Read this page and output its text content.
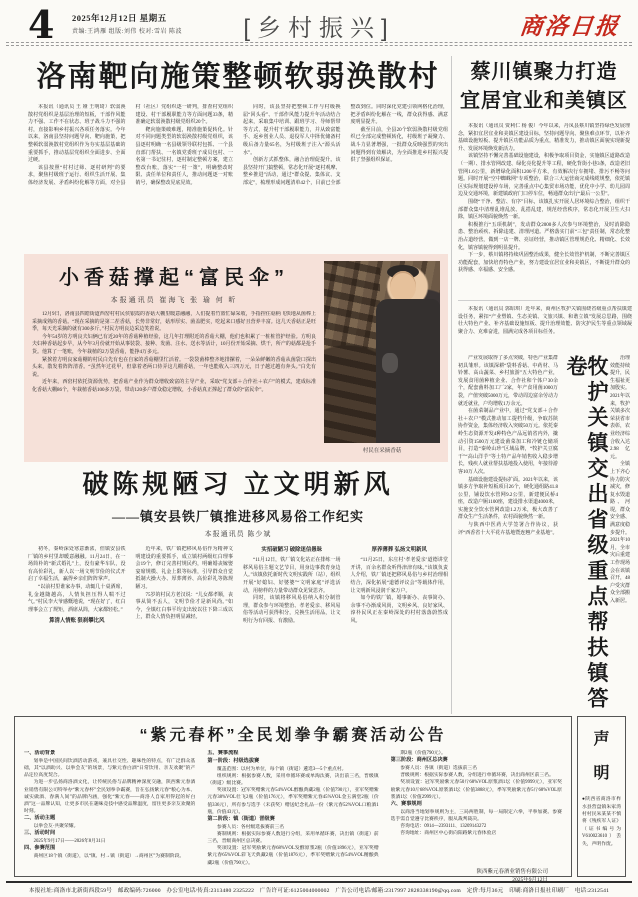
4 2025年12月12日 星期五
责编:王鸿雁 组版:刘伟 校对:雪岩 陈波	[乡村振兴]	商洛日报
洛南靶向施策整顿软弱涣散村
本报讯（通讯员 王 娅 王明琦）软弱涣散村党组织是基层治理的短板，干部作风能力不强、工作不在状态、班子战斗力不强的村，直接影响乡村振兴各项任务落实。今年以来，洛南县坚持问题导向、靶向施策，把整顿软弱涣散村党组织作为夯实基层基础的重要抓手，推动基层党组织全面进步、全面过硬。
该县按照“村村过筛、逐村研判”的要求，聚焦村级班子运行、组织生活开展、集体经济发展、矛盾纠纷化解等方面，对全县村（社区）党组织逐一研判，排查村党组织建设、村干部履职能力等方面问题33条，精准确定软弱涣散村级党组织20个。
靶向施策破难题，精准施策促转化。针对不同问题类型的软弱涣散村级党组织，该县逐村明确一名县级领导联村包抓、一个县直部门帮扶、一名镇党委班子成员包村、一名第一书记驻村，逐村制定整顿方案，建立整改台账，落实“一村一策”，明确整改时限、责任单位和责任人，推动问题逐一对账销号，确保整改见底见效。
同时，该县坚持把整顿工作与村级换届“回头看”、干部作风能力提升年活动结合起来，采取集中培训、跟班学习、导师帮带等方式，提升村干部履职能力，并从致富能手、返乡创业人员、退役军人中择优储备村级后备力量65名，为村级班子注入“源头活水”。
创新方式抓整体，融合治理促提升。该县坚持开门搞整顿，常态化开展“逐村观摩、整乡推进”活动，通过“群众提、集体议、支部定”，梳理形成问题清单42个，目前已全部整改到位。同时深化党建引领网格化治理，把矛盾纠纷化解在一线，群众获得感、满意度明显提升。
截至目前，全县20个软弱涣散村级党组织已全部完成整顿转化，村级班子凝聚力、战斗力显著增强，一批群众反映强烈的突出问题得到有效解决，为全面推进乡村振兴提供了坚强组织保证。
蔡川镇聚力打造 宜居宜业和美镇区
本报讯（通讯员 贾利仁 杨 俊）今年以来，丹凤县蔡川镇坚持绿色发展理念，紧扣宜居宜业和美镇区建设目标，坚持问题导向、聚焦难点环节，以补齐基础设施短板、提升镇区功能品质为重点，精准发力，推动镇区面貌实现新提升、发展环境焕发新活力。
该镇坚持不懈完善基础设施建设，积极争取项目资金，实施镇区道路改造（一期）、排水管网改建、绿化亮化提升等工程，硬化背街小巷3条，改造老旧管网1.6公里，新增绿化面积1200平方米，有效解决行车拥堵、排污不畅等问题。同时开展“空中蜘蛛网”专项整治，联合三大运营商完成线缆规整，依托镇区实际规划建设停车场，完善重点中心集贸市场功能，优化中小学、幼儿园周边及交通环境，新建镇政府门口停车位，畅通群众出行“最后一公里”。
围绕“干净、整洁、有序”目标，该镇扎实开展人居环境综合整治，组织干部群众集中清理乱堆乱放、乱搭乱建，规范经营秩序，常态化开展卫生大扫除，镇区环境面貌焕然一新。
积极推行“五项机制”，发动群众2000多人次参与环境整治，及时消除隐患、整治顽疾、拆除违建、清理河道。严格落实门前“三包”责任制，常态化整治占道经营，做到一店一牌、亮证经营，推动镇区管理规范化、精细化、长效化，镇容镇貌得到明显提升。
下一步，蔡川镇将持续巩固整治成果，健全长效管护机制，不断完善镇区功能配套，加快培育特色产业，努力建设宜居宜业和美镇区，不断提升群众的获得感、幸福感、安全感。
本报讯（通讯员 郭昭琪）近年来，商州区牧护关镇围绕省级重点帮扶镇建设任务，紧扣“产业塑镇、生态美镇、文旅兴镇、和谐立镇”发展总思路，围绕壮大特色产业、补齐基础设施短板、提升治理效能、防灾护民生等重点领域凝聚合力、克难奋进，圆满完成各项目标任务。
产业发展取得了多点突破，特色产业集群初具雏形。该镇深耕“袋料香菇、中药材、马铃薯、高山蔬菜、乡村旅游”五大特色产业，发展食用菌种植企业、合作社和个体户30余个，配套菌料加工厂2家，年产食用菌1000万袋，产值突破5000万元，带动周边富余劳动力就近就业，户均增收1万余元。
在菌菜制品产业中，通过“党支部＋合作社＋农户”模式推动加工提档升级，争取苏陕协作资金，集体经济收入突破50万元。依托秦岭生态资源开发4种特色产品远销省内外，撬动引资1500万元建设菌菜加工和冷链仓储项目，打造“秦岭山珍”区域品牌，“牧护关豆腐干”“高山洋芋”等土特产品年销售收入稳步增长，残疾人就业帮扶基地投入使用，年接待游客10万人次。
基础设施建设提标扩面。2021年以来，该镇多方争取补短板项目26个，硬化通组路41.8公里，铺设饮水管网9.2公里，新建便民桥4座，改造户厕1100座，建设排水渠道4000米，实施安全饮水管网改造1.2万米，极大改善了群众生产生活条件，农村面貌焕然一新。
与陕西中医药大学签署合作协议，获评“西香省十大平花卉基地暨连翘产业基地”。	牧护关镇交出省级重点帮扶镇答卷	治理效能持续提升，民生福祉更加殷实。2021年以来，牧护关镇多次荣获省市表彰，农业经济综合收入达2.98亿元。
全镇上下齐心协力防灾减灾，修复水毁道路、河堤，群众安全感、满意度稳步提升。2021年10月，全市灾后重建工作现场会在该镇召开，48户受灾群众全部搬入新居。
小香菇撑起“富民伞”
本报通讯员 崔海飞 张 瑜 何 昕
12月9日，洛南县四皓街道西窑村村民侯银霞的香菇大棚里暖意融融，人们提着竹篮忙碌采收，手指捏住菇柄飞快地从菌棒上采摘成熟的香菇。“现在采摘的是第二茬香菇，长势非常好，菇形厚实、菌盖肥实，吃起来口感好且营养丰富。这几天香菇正是旺季，每天光采摘的就有300多斤。”村民方明良边采边笑着说。
今年54岁的方明良夫妇俩已有近20年的香菇种植经验，这几年打理附近的香菇大棚，他们也积累了一桩桩管护经验。方明良夫妇种香菇起步早，从今年3月份就开始从事装袋、接种、发菌、注水、送水等活计，10月份开始采摘、烘干，所产的菇都是抢手货。他算了一笔账，今年栽植的2万袋香菇，能挣4万多元。
紧挨着方明良家菇棚的村民白先有也在自家的香菇棚里忙活着。一袋袋菌棒整齐地排摞着，一朵朵鲜嫩的香菇从菌袋口探出头来，散发着阵阵清香。“虽然年过花甲，但靠着老两口侍弄这几棚香菇，一年也能收入三四万元，日子越过越有奔头。”白先有说。
近年来，西窑村依托资源优势，把香菇产业作为群众增收致富的主导产业，采取“党支部＋合作社＋农户”的模式，建成标准化香菇大棚86个，年栽植香菇100多万袋，带动120多户群众稳定增收，小香菇真正撑起了群众的“富民伞”。
村民在采摘香菇
破陈规陋习 立文明新风
——镇安县铁厂镇推进移风易俗工作纪实
本报通讯员 陈少斌
初冬，秦岭深处寒意渐浓，但镇安县铁厂镇的乡村里却暖意融融。11月24日，在一场简朴的“新式婚礼”上，没有豪华车队，没有高价彩礼，新人以一场文明节俭的仪式开启了幸福生活，赢得乡亲们阵阵掌声。
“以前村里谁家办事，动辄几十桌酒席，礼金越随越高，人情负担压得人喘不过气。”村民李大爷感慨地说，“现在好了，红白理事会立了规矩，酒席从简，大家都轻松。”
算清人情账 狠刹攀比风
近年来，铁厂镇把移风易俗作为精神文明建设的重要抓手，成立镇村两级红白理事会19个，修订完善村规民约，明确婚丧嫁娶宴席规模、礼金上限等标准，引导群众自觉抵制大操大办、厚葬薄养、高价彩礼等陈规陋习。
75岁的村民方老汉说：“儿女都孝顺，丧事从简不丢人，文明节俭才是新风尚。”如今，全镇红白事平均支出较以往下降三成以上，群众人情负担明显减轻。
实招破陋习 破除迷信愚昧
“11月12日，铁厂镇文化站正在排练一场移风易俗主题文艺节目，用身边事教育身边人。”该镇依托新时代文明实践所（站），组织开展“好媳妇、好婆婆”“文明家庭”评选活动，用榜样的力量带动群众见贤思齐。
同时，该镇将移风易俗纳入积分制管理，群众参与环境整治、孝老爱亲、移风易俗等活动可获得积分，兑换生活用品，让文明行为有回报、有激励。
厚养薄葬 弘扬文明新风
“11月25日，东庄村‘孝老爱亲’道德讲堂开讲，百余名群众听得津津有味。”该镇负责人介绍，铁厂镇还把移风易俗与乡村治理相结合，深化拓展“道德评议会”等载体作用，让文明新风浸润千家万户。
如今的铁厂镇，婚事新办、丧事简办、余事不办渐成风尚，文明乡风、良好家风、淳朴民风正在秦岭深处的村村落落蔚然成风。
“紫元春杯”全民划拳争霸赛活动公告
一、活动背景
划拳是中国民间饮酒活动游戏，兼具社交性、趣味性的特点，有广泛群众基础，其“以酒助兴、以拳会友”的场景，与紫元春白酒“日常饮用、亲友欢聚”的产品定位高度契合。
为进一步弘扬商洛酒文化，让传统民俗与品牌精神深度交融，陕西紫元春酒业销售有限公司特举办“紫元春杯”全民划拳争霸赛，旨在弘扬紫元春“粮心为本、诚实做酒、春满人间”的品牌内涵，强化“紫元春——商洛人自家用得起的好白酒”这一品牌认知，让更多市民在趣味竞技中感受品牌温度，留住更多亲友欢聚的时刻。
二、活动主题
以拳会友·共聚荣耀。
三、活动时间
2025年9月17日——2026年8月31日
四、参赛范围
商州区18个镇（街道），以“镇、村→镇（街道）→商州区”为赛制阶段。
五、赛事流程
第一阶段：村级选拔赛
覆盖范围：以村为单位，每个镇（街道）遴选3—5个重点村。
组织规则：根据参赛人数，采用单循环赛或单淘汰赛，决出前三名，晋级镇（街道）级比赛。
奖项设置：冠军奖赠紫元春54%VOL醇酿典藏2瓶（价值790元），亚军奖赠紫元春38%VOL壮飞2瓶（价值176元），季军奖赠紫元春45%VOL金玉满堂2瓶（价值336元），所有参与选手（未获奖）赠送纪念礼品一份（紫元春52%VOL口粮酒1瓶，价值43元）。
第二阶段：镇（街道）晋级赛
参赛人员：各村级选拔赛前三名
赛制规则：根据实际参赛人数进行分组，采用单循环赛，决出镇（街道）前三名，晋级商州区总决赛。
奖项设置：冠军奖励紫元春68%VOL发酵原浆2瓶（价值1896元），亚军奖赠紫元春65%VOL彩飞天典藏2瓶（价值1876元），季军奖赠紫元春54%VOL精酿典藏2瓶（价值790元）。
期2瓶（价值790元）。
第三阶段：商州区总决赛
参赛人员：各镇（街道）选拔前三名
晋级规则：根据实际参赛人数，分组进行单循环赛，决出商州区前三名。
奖项设置：冠军奖励紫元春50斤68%VOL原浆酒1坛（价值9999元），亚军奖励紫元春10斤68%VOL原浆酒1坛（价值3888元），季军奖励紫元春5斤68%VOL原浆酒1坛（价值2999元）。
六、赛事规则
以商洛当地划拳规则为主，三局两胜制，每一局限定六拳，平拳加赛。参赛选手需自觉遵守比赛秩序，服从裁判裁决。
咨询电话：0914—2393111、13209143272
咨询地址：商州区中心街向阳路紫元春体验店
陕西紫元春酒业销售有限公司
2025年9月12日
声明
●陕西省商洛市柞水县营盘镇朱家湾村村民朱某某不慎将《残疾军人证》（证书编号为V610023610）丢失，声明作废。
本报社址:商洛市北新街西段59号　邮政编码:726000　办公室电话/传真:2313480 2325222　广告许可证:6125004000002　广告公司电话/邮箱:2317997 2828338190@qq.com　定价:每月36元　印刷:商洛日报社印刷厂　电话:2312541
